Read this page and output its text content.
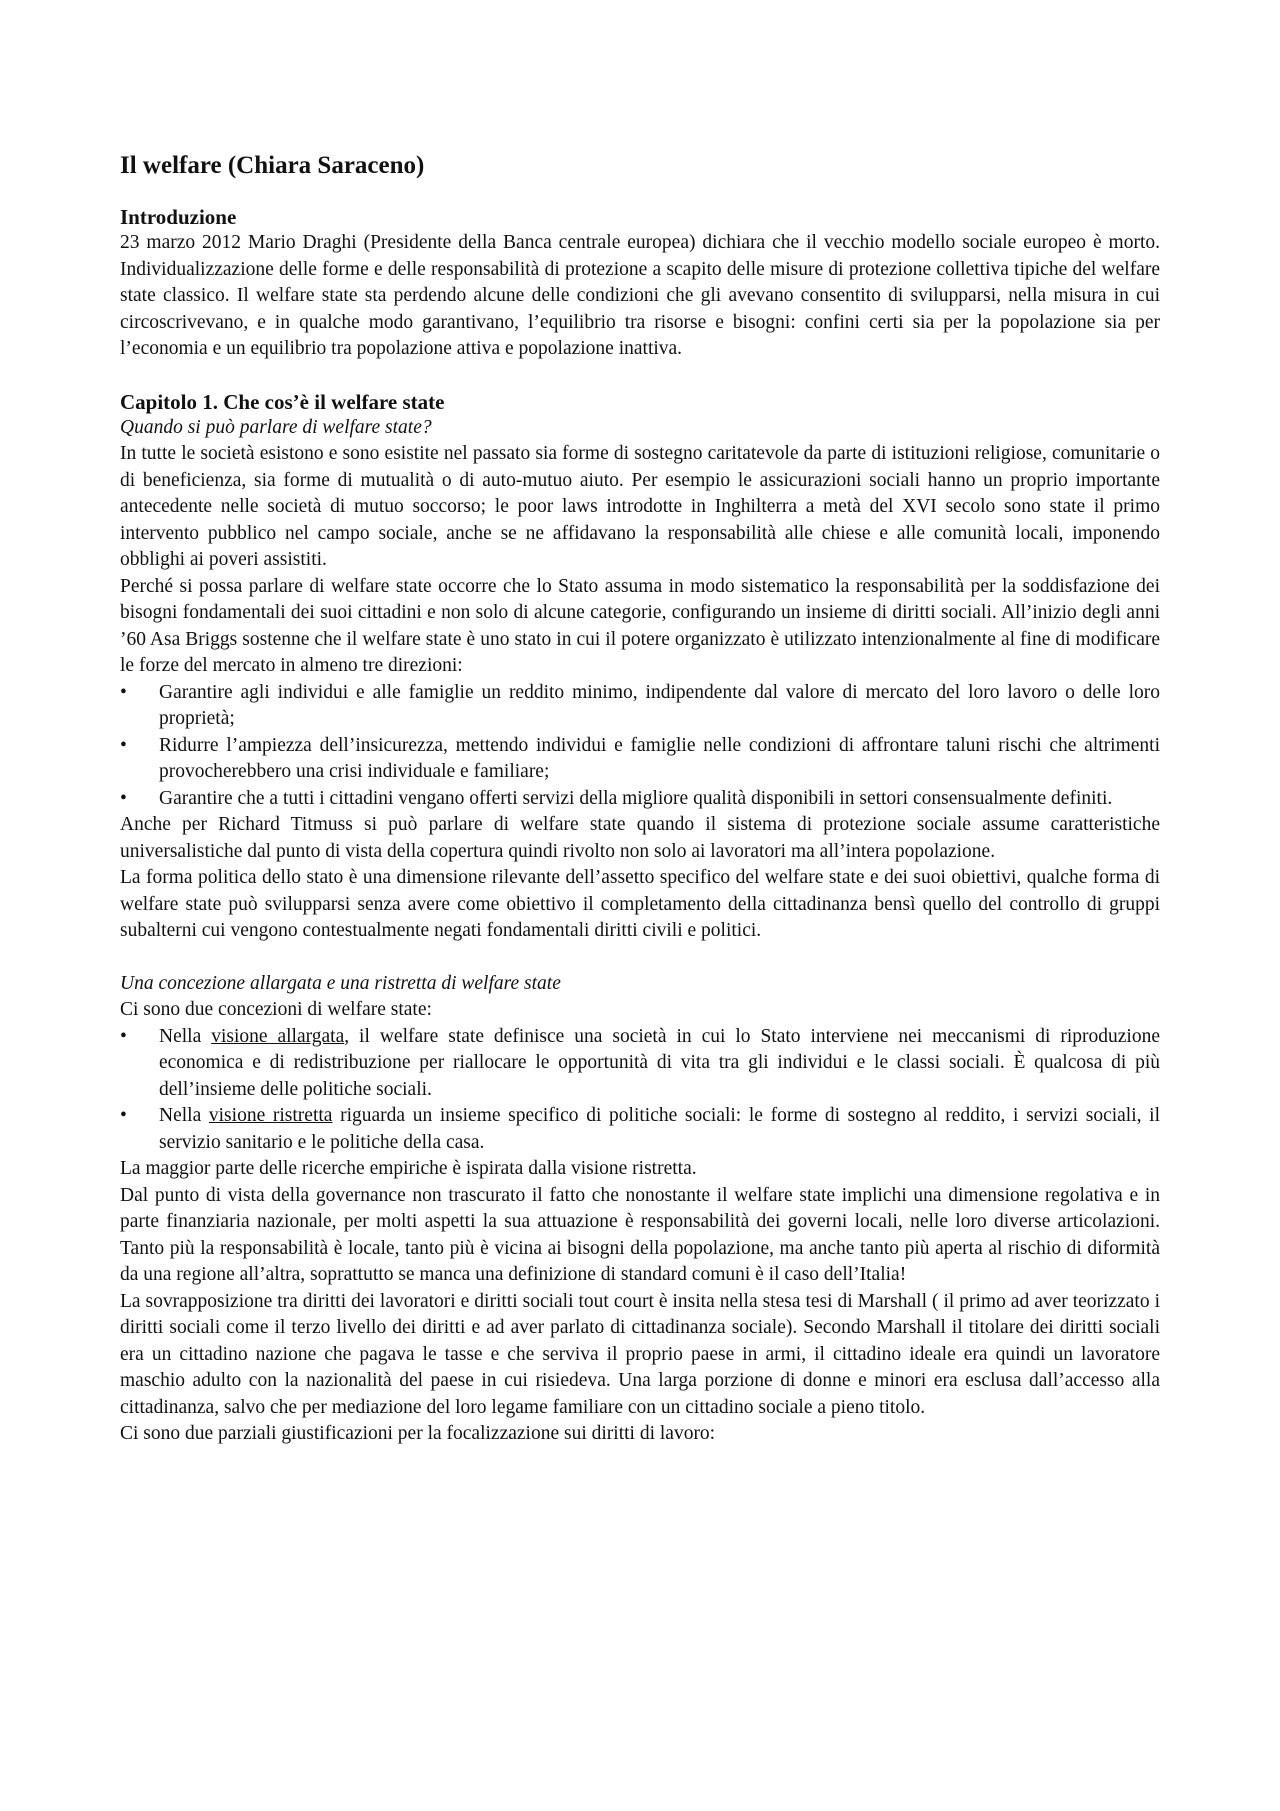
Il welfare (Chiara Saraceno)
Introduzione

23 marzo 2012 Mario Draghi (Presidente della Banca centrale europea) dichiara che il vecchio modello sociale europeo è morto. Individualizzazione delle forme e delle responsabilità di protezione a scapito delle misure di protezione collettiva tipiche del welfare state classico. Il welfare state sta perdendo alcune delle condizioni che gli avevano consentito di svilupparsi, nella misura in cui circoscrivevano, e in qualche modo garantivano, l’equilibrio tra risorse e bisogni: confini certi sia per la popolazione sia per l’economia e un equilibrio tra popolazione attiva e popolazione inattiva.

Capitolo 1. Che cos’è il welfare state
Quando si può parlare di welfare state?

In tutte le società esistono e sono esistite nel passato sia forme di sostegno caritatevole da parte di istituzioni religiose, comunitarie o di beneficienza, sia forme di mutualità o di auto-mutuo aiuto. Per esempio le assicurazioni sociali hanno un proprio importante antecedente nelle società di mutuo soccorso; le poor laws introdotte in Inghilterra a metà del XVI secolo sono state il primo intervento pubblico nel campo sociale, anche se ne affidavano la responsabilità alle chiese e alle comunità locali, imponendo obblighi ai poveri assistiti.

Perché si possa parlare di welfare state occorre che lo Stato assuma in modo sistematico la responsabilità per la soddisfazione dei bisogni fondamentali dei suoi cittadini e non solo di alcune categorie, configurando un insieme di diritti sociali. All’inizio degli anni ’60 Asa Briggs sostenne che il welfare state è uno stato in cui il potere organizzato è utilizzato intenzionalmente al fine di modificare le forze del mercato in almeno tre direzioni:

• Garantire agli individui e alle famiglie un reddito minimo, indipendente dal valore di mercato del loro lavoro o delle loro proprietà;
• Ridurre l’ampiezza dell’insicurezza, mettendo individui e famiglie nelle condizioni di affrontare taluni rischi che altrimenti provocherebbero una crisi individuale e familiare;
• Garantire che a tutti i cittadini vengano offerti servizi della migliore qualità disponibili in settori consensualmente definiti.

Anche per Richard Titmuss si può parlare di welfare state quando il sistema di protezione sociale assume caratteristiche universalistiche dal punto di vista della copertura quindi rivolto non solo ai lavoratori ma all’intera popolazione.

La forma politica dello stato è una dimensione rilevante dell’assetto specifico del welfare state e dei suoi obiettivi, qualche forma di welfare state può svilupparsi senza avere come obiettivo il completamento della cittadinanza bensì quello del controllo di gruppi subalterni cui vengono contestualmente negati fondamentali diritti civili e politici.

Una concezione allargata e una ristretta di welfare state

Ci sono due concezioni di welfare state:

• Nella visione allargata, il welfare state definisce una società in cui lo Stato interviene nei meccanismi di riproduzione economica e di redistribuzione per riallocare le opportunità di vita tra gli individui e le classi sociali. È qualcosa di più dell’insieme delle politiche sociali.
• Nella visione ristretta riguarda un insieme specifico di politiche sociali: le forme di sostegno al reddito, i servizi sociali, il servizio sanitario e le politiche della casa.

La maggior parte delle ricerche empiriche è ispirata dalla visione ristretta.

Dal punto di vista della governance non trascurato il fatto che nonostante il welfare state implichi una dimensione regolativa e in parte finanziaria nazionale, per molti aspetti la sua attuazione è responsabilità dei governi locali, nelle loro diverse articolazioni. Tanto più la responsabilità è locale, tanto più è vicina ai bisogni della popolazione, ma anche tanto più aperta al rischio di diformità da una regione all’altra, soprattutto se manca una definizione di standard comuni è il caso dell’Italia!

La sovrapposizione tra diritti dei lavoratori e diritti sociali tout court è insita nella stesa tesi di Marshall ( il primo ad aver teorizzato i diritti sociali come il terzo livello dei diritti e ad aver parlato di cittadinanza sociale). Secondo Marshall il titolare dei diritti sociali era un cittadino nazione che pagava le tasse e che serviva il proprio paese in armi, il cittadino ideale era quindi un lavoratore maschio adulto con la nazionalità del paese in cui risiedeva. Una larga porzione di donne e minori era esclusa dall’accesso alla cittadinanza, salvo che per mediazione del loro legame familiare con un cittadino sociale a pieno titolo.

Ci sono due parziali giustificazioni per la focalizzazione sui diritti di lavoro:
